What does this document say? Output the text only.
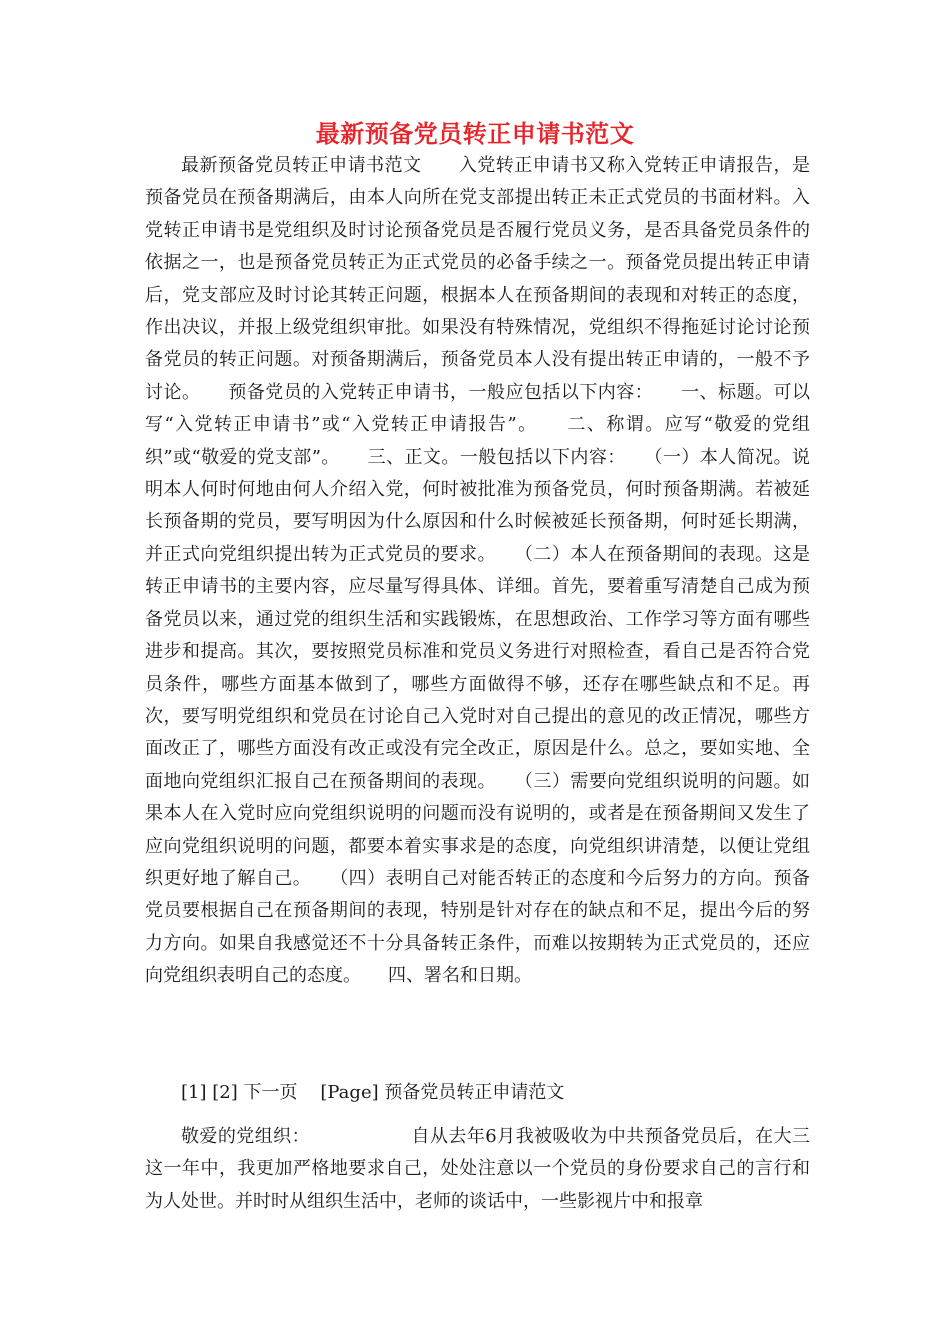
最新预备党员转正申请书范文

最新预备党员转正申请书范文　　入党转正申请书又称入党转正申请报告，是预备党员在预备期满后，由本人向所在党支部提出转正未正式党员的书面材料。入党转正申请书是党组织及时讨论预备党员是否履行党员义务，是否具备党员条件的依据之一，也是预备党员转正为正式党员的必备手续之一。预备党员提出转正申请后，党支部应及时讨论其转正问题，根据本人在预备期间的表现和对转正的态度，作出决议，并报上级党组织审批。如果没有特殊情况，党组织不得拖延讨论讨论预备党员的转正问题。对预备期满后，预备党员本人没有提出转正申请的，一般不予讨论。　　预备党员的入党转正申请书，一般应包括以下内容：　　一、标题。可以写“入党转正申请书”或“入党转正申请报告”。　　二、称谓。应写“敬爱的党组织”或“敬爱的党支部”。　　三、正文。一般包括以下内容：　　（一）本人简况。说明本人何时何地由何人介绍入党，何时被批准为预备党员，何时预备期满。若被延长预备期的党员，要写明因为什么原因和什么时候被延长预备期，何时延长期满，并正式向党组织提出转为正式党员的要求。　　（二）本人在预备期间的表现。这是转正申请书的主要内容，应尽量写得具体、详细。首先，要着重写清楚自己成为预备党员以来，通过党的组织生活和实践锻炼，在思想政治、工作学习等方面有哪些进步和提高。其次，要按照党员标准和党员义务进行对照检查，看自己是否符合党员条件，哪些方面基本做到了，哪些方面做得不够，还存在哪些缺点和不足。再次，要写明党组织和党员在讨论自己入党时对自己提出的意见的改正情况，哪些方面改正了，哪些方面没有改正或没有完全改正，原因是什么。总之，要如实地、全面地向党组织汇报自己在预备期间的表现。　　（三）需要向党组织说明的问题。如果本人在入党时应向党组织说明的问题而没有说明的，或者是在预备期间又发生了应向党组织说明的问题，都要本着实事求是的态度，向党组织讲清楚，以便让党组织更好地了解自己。　　（四）表明自己对能否转正的态度和今后努力的方向。预备党员要根据自己在预备期间的表现，特别是针对存在的缺点和不足，提出今后的努力方向。如果自我感觉还不十分具备转正条件，而难以按期转为正式党员的，还应向党组织表明自己的态度。　　四、署名和日期。

[1] [2] 下一页 [Page] 预备党员转正申请范文

敬爱的党组织：　　　　　　自从去年6月我被吸收为中共预备党员后，在大三这一年中，我更加严格地要求自己，处处注意以一个党员的身份要求自己的言行和为人处世。并时时从组织生活中，老师的谈话中，一些影视片中和报章
